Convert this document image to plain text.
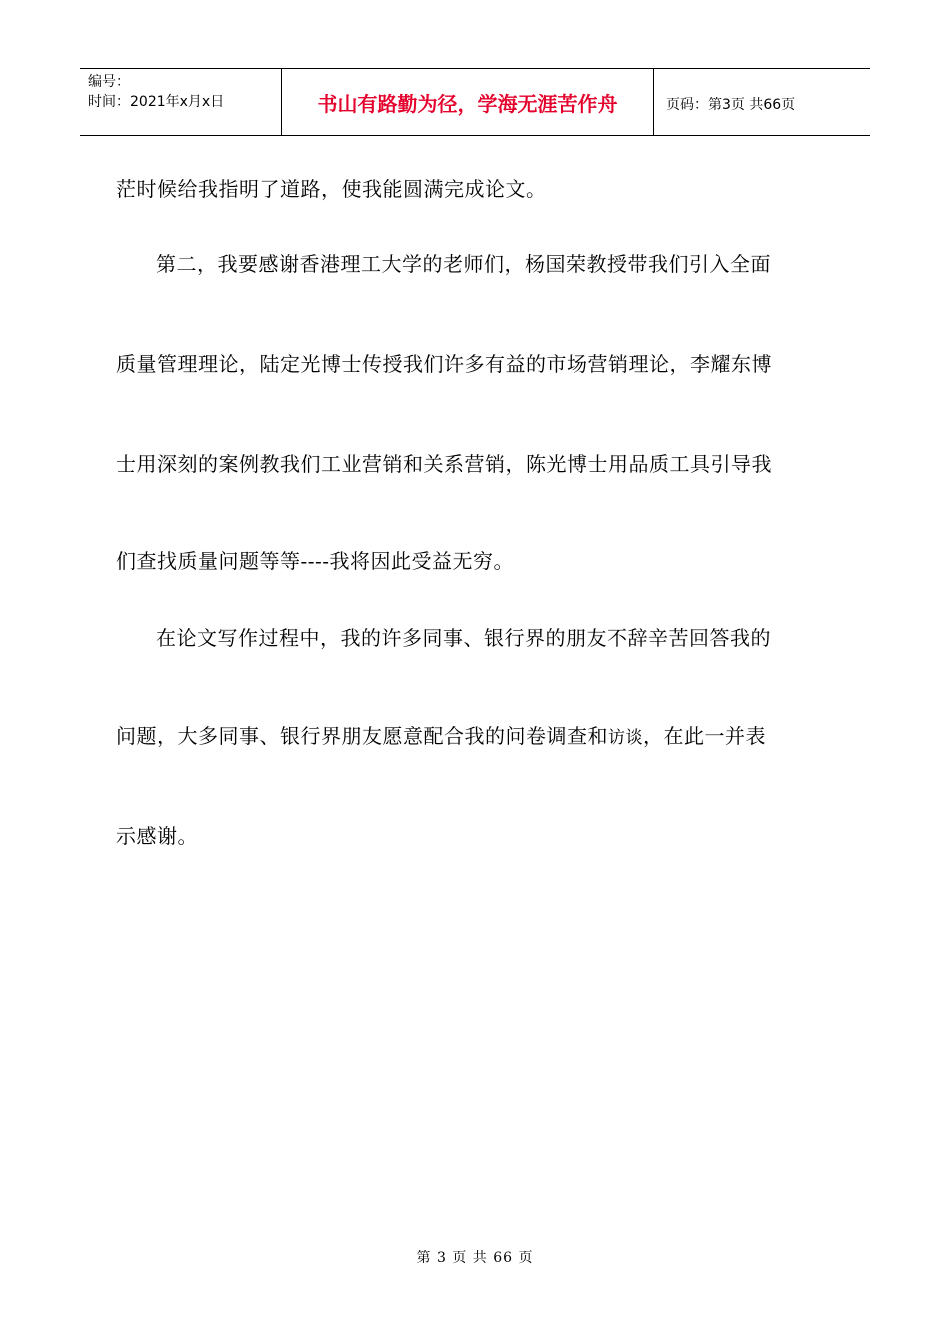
编号：
时间：2021年x月x日	书山有路勤为径，学海无涯苦作舟	页码：第3页 共66页
茫时候给我指明了道路，使我能圆满完成论文。
第二，我要感谢香港理工大学的老师们，杨国荣教授带我们引入全面
质量管理理论，陆定光博士传授我们许多有益的市场营销理论，李耀东博
士用深刻的案例教我们工业营销和关系营销，陈光博士用品质工具引导我
们查找质量问题等等----我将因此受益无穷。
在论文写作过程中，我的许多同事、银行界的朋友不辞辛苦回答我的
问题，大多同事、银行界朋友愿意配合我的问卷调查和访谈，在此一并表
示感谢。
第 3 页 共 66 页
